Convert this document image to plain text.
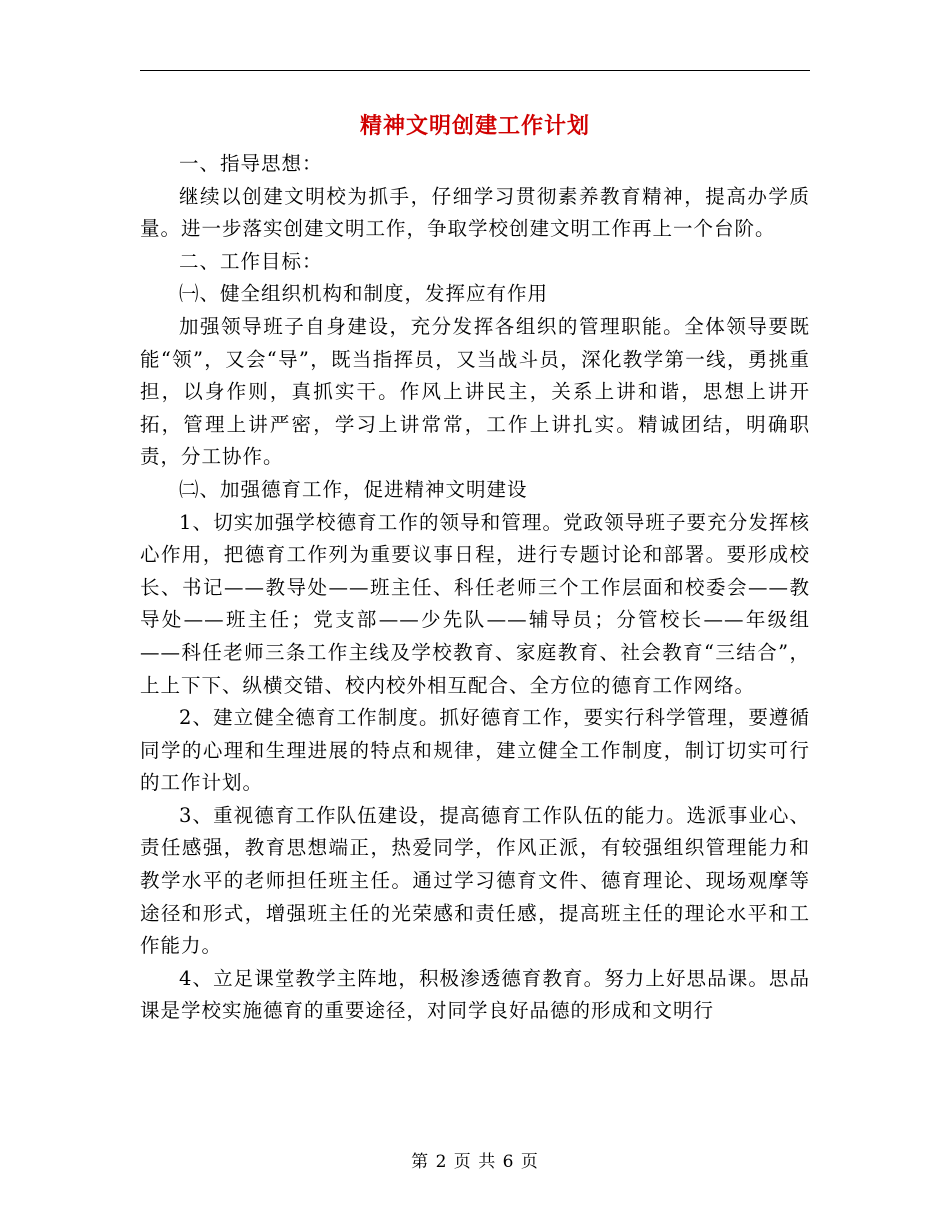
精神文明创建工作计划

一、指导思想：

继续以创建文明校为抓手，仔细学习贯彻素养教育精神，提高办学质量。进一步落实创建文明工作，争取学校创建文明工作再上一个台阶。

二、工作目标：

㈠、健全组织机构和制度，发挥应有作用

加强领导班子自身建设，充分发挥各组织的管理职能。全体领导要既能“领”，又会“导”，既当指挥员，又当战斗员，深化教学第一线，勇挑重担，以身作则，真抓实干。作风上讲民主，关系上讲和谐，思想上讲开拓，管理上讲严密，学习上讲常常，工作上讲扎实。精诚团结，明确职责，分工协作。

㈡、加强德育工作，促进精神文明建设

1、切实加强学校德育工作的领导和管理。党政领导班子要充分发挥核心作用，把德育工作列为重要议事日程，进行专题讨论和部署。要形成校长、书记——教导处——班主任、科任老师三个工作层面和校委会——教导处——班主任；党支部——少先队——辅导员；分管校长——年级组——科任老师三条工作主线及学校教育、家庭教育、社会教育“三结合”，上上下下、纵横交错、校内校外相互配合、全方位的德育工作网络。

2、建立健全德育工作制度。抓好德育工作，要实行科学管理，要遵循同学的心理和生理进展的特点和规律，建立健全工作制度，制订切实可行的工作计划。

3、重视德育工作队伍建设，提高德育工作队伍的能力。选派事业心、责任感强，教育思想端正，热爱同学，作风正派，有较强组织管理能力和教学水平的老师担任班主任。通过学习德育文件、德育理论、现场观摩等途径和形式，增强班主任的光荣感和责任感，提高班主任的理论水平和工作能力。

4、立足课堂教学主阵地，积极渗透德育教育。努力上好思品课。思品课是学校实施德育的重要途径，对同学良好品德的形成和文明行

第 2 页 共 6 页
